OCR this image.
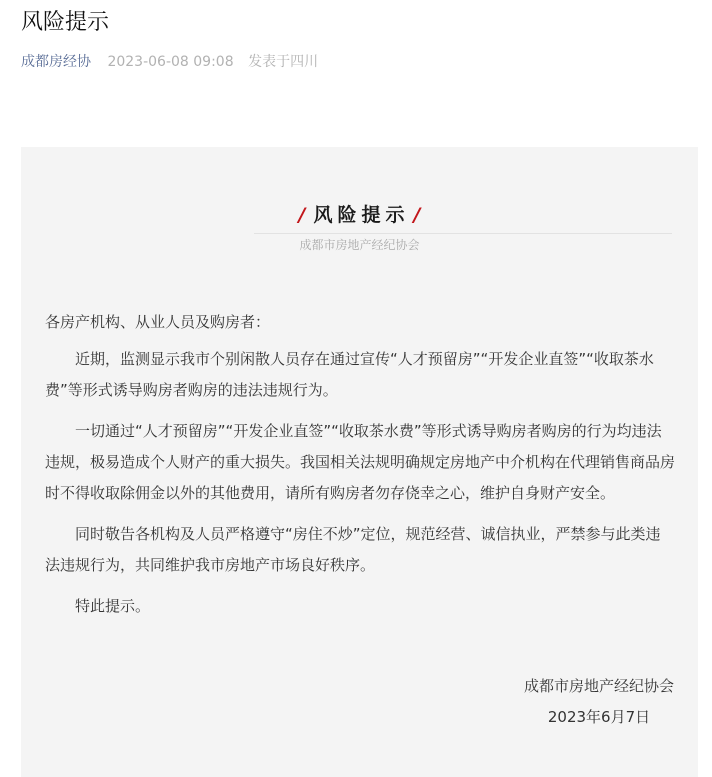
风险提示
成都房经协 2023-06-08 09:08 发表于四川
/ 风险提示 /
成都市房地产经纪协会

各房产机构、从业人员及购房者：

近期，监测显示我市个别闲散人员存在通过宣传“人才预留房”“开发企业直签”“收取茶水费”等形式诱导购房者购房的违法违规行为。

一切通过“人才预留房”“开发企业直签”“收取茶水费”等形式诱导购房者购房的行为均违法违规，极易造成个人财产的重大损失。我国相关法规明确规定房地产中介机构在代理销售商品房时不得收取除佣金以外的其他费用，请所有购房者勿存侥幸之心，维护自身财产安全。

同时敬告各机构及人员严格遵守“房住不炒”定位，规范经营、诚信执业，严禁参与此类违法违规行为，共同维护我市房地产市场良好秩序。

特此提示。

成都市房地产经纪协会
2023年6月7日
